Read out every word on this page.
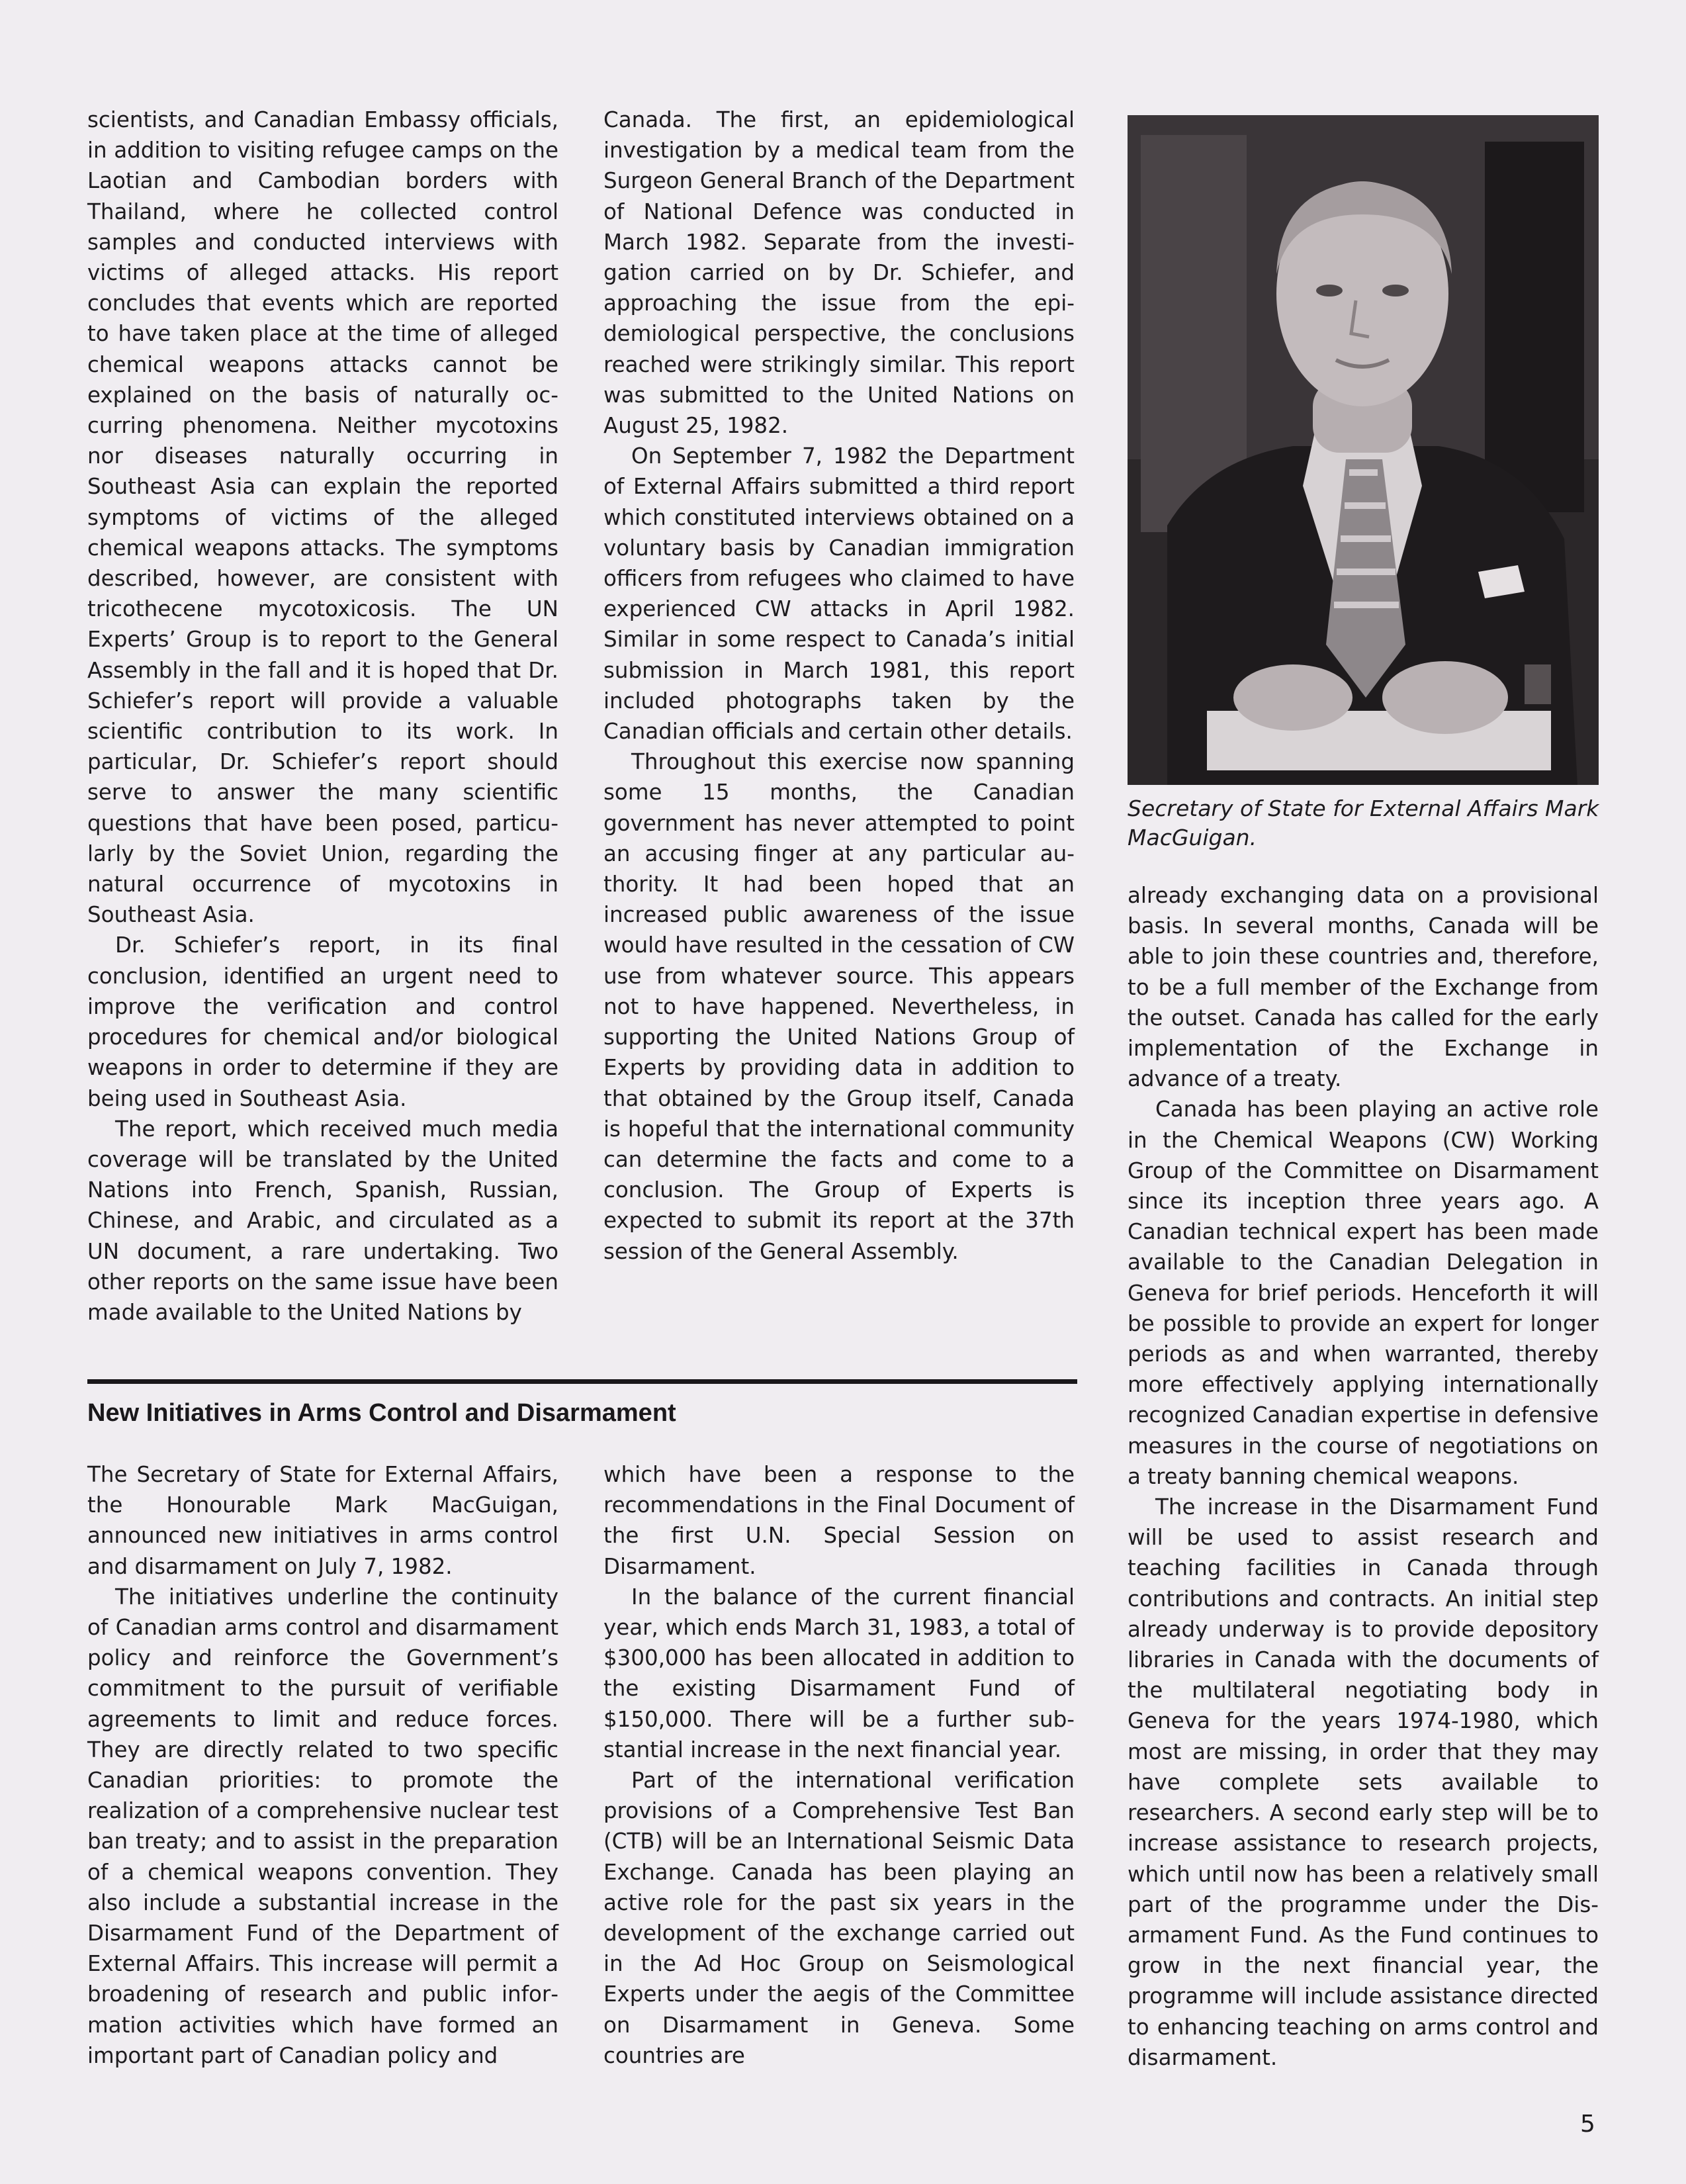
scientists, and Canadian Embassy officials, in addition to visiting refugee camps on the Laotian and Cambodian borders with Thailand, where he collected control samples and conducted interviews with victims of alleged attacks. His report concludes that events which are reported to have taken place at the time of alleged chemical weapons attacks cannot be explained on the basis of naturally occurring phenomena. Neither mycotoxins nor diseases naturally occurring in Southeast Asia can explain the reported symptoms of victims of the alleged chemical weapons attacks. The symptoms described, however, are consistent with tricothecene mycotoxicosis. The UN Experts’ Group is to report to the General Assembly in the fall and it is hoped that Dr. Schiefer’s report will provide a valuable scientific contribution to its work. In particular, Dr. Schiefer’s report should serve to answer the many scientific questions that have been posed, particularly by the Soviet Union, regarding the natural occurrence of mycotoxins in Southeast Asia.

Dr. Schiefer’s report, in its final conclusion, identified an urgent need to improve the verification and control procedures for chemical and/or biological weapons in order to determine if they are being used in Southeast Asia.

The report, which received much media coverage will be translated by the United Nations into French, Spanish, Russian, Chinese, and Arabic, and circulated as a UN document, a rare undertaking. Two other reports on the same issue have been made available to the United Nations by

Canada. The first, an epidemiological investigation by a medical team from the Surgeon General Branch of the Department of National Defence was conducted in March 1982. Separate from the investigation carried on by Dr. Schiefer, and approaching the issue from the epidemiological perspective, the conclusions reached were strikingly similar. This report was submitted to the United Nations on August 25, 1982.

On September 7, 1982 the Department of External Affairs submitted a third report which constituted interviews obtained on a voluntary basis by Canadian immigration officers from refugees who claimed to have experienced CW attacks in April 1982. Similar in some respect to Canada’s initial submission in March 1981, this report included photographs taken by the Canadian officials and certain other details.

Throughout this exercise now spanning some 15 months, the Canadian government has never attempted to point an accusing finger at any particular authority. It had been hoped that an increased public awareness of the issue would have resulted in the cessation of CW use from whatever source. This appears not to have happened. Nevertheless, in supporting the United Nations Group of Experts by providing data in addition to that obtained by the Group itself, Canada is hopeful that the international community can determine the facts and come to a conclusion. The Group of Experts is expected to submit its report at the 37th session of the General Assembly.

Secretary of State for External Affairs Mark MacGuigan.

already exchanging data on a provisional basis. In several months, Canada will be able to join these countries and, therefore, to be a full member of the Exchange from the outset. Canada has called for the early implementation of the Exchange in advance of a treaty.

Canada has been playing an active role in the Chemical Weapons (CW) Working Group of the Committee on Disarmament since its inception three years ago. A Canadian technical expert has been made available to the Canadian Delegation in Geneva for brief periods. Henceforth it will be possible to provide an expert for longer periods as and when warranted, thereby more effectively applying internationally recognized Canadian expertise in defensive measures in the course of negotiations on a treaty banning chemical weapons.

The increase in the Disarmament Fund will be used to assist research and teaching facilities in Canada through contributions and contracts. An initial step already underway is to provide depository libraries in Canada with the documents of the multilateral negotiating body in Geneva for the years 1974-1980, which most are missing, in order that they may have complete sets available to researchers. A second early step will be to increase assistance to research projects, which until now has been a relatively small part of the programme under the Disarmament Fund. As the Fund continues to grow in the next financial year, the programme will include assistance directed to enhancing teaching on arms control and disarmament.

New Initiatives in Arms Control and Disarmament

The Secretary of State for External Affairs, the Honourable Mark MacGuigan, announced new initiatives in arms control and disarmament on July 7, 1982.

The initiatives underline the continuity of Canadian arms control and disarmament policy and reinforce the Government’s commitment to the pursuit of verifiable agreements to limit and reduce forces. They are directly related to two specific Canadian priorities: to promote the realization of a comprehensive nuclear test ban treaty; and to assist in the preparation of a chemical weapons convention. They also include a substantial increase in the Disarmament Fund of the Department of External Affairs. This increase will permit a broadening of research and public information activities which have formed an important part of Canadian policy and

which have been a response to the recommendations in the Final Document of the first U.N. Special Session on Disarmament.

In the balance of the current financial year, which ends March 31, 1983, a total of $300,000 has been allocated in addition to the existing Disarmament Fund of $150,000. There will be a further substantial increase in the next financial year.

Part of the international verification provisions of a Comprehensive Test Ban (CTB) will be an International Seismic Data Exchange. Canada has been playing an active role for the past six years in the development of the exchange carried out in the Ad Hoc Group on Seismological Experts under the aegis of the Committee on Disarmament in Geneva. Some countries are

5
